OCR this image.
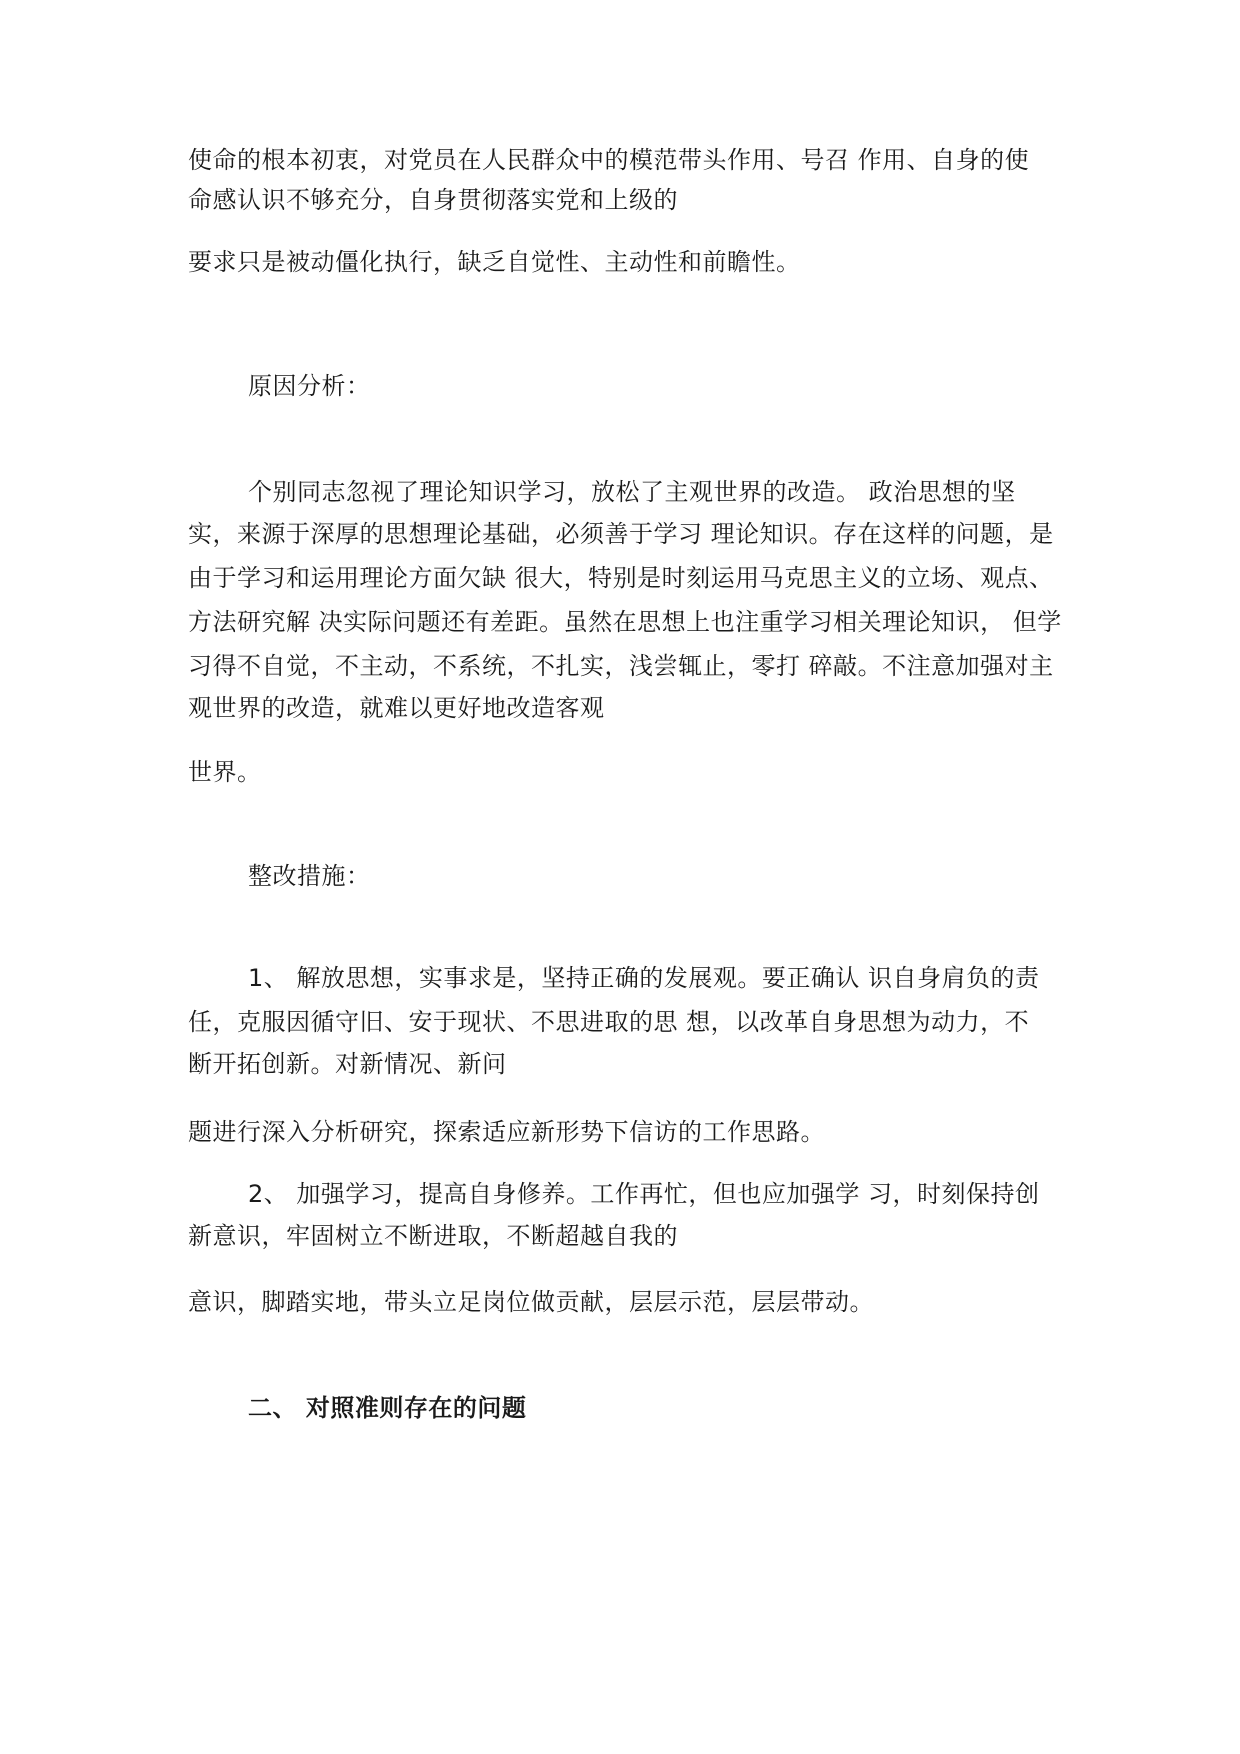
使命的根本初衷，对党员在人民群众中的模范带头作用、号召 作用、自身的使
命感认识不够充分，自身贯彻落实党和上级的
要求只是被动僵化执行，缺乏自觉性、主动性和前瞻性。
原因分析：
个别同志忽视了理论知识学习，放松了主观世界的改造。 政治思想的坚
实，来源于深厚的思想理论基础，必须善于学习 理论知识。存在这样的问题，是
由于学习和运用理论方面欠缺 很大，特别是时刻运用马克思主义的立场、观点、
方法研究解 决实际问题还有差距。虽然在思想上也注重学习相关理论知识， 但学
习得不自觉，不主动，不系统，不扎实，浅尝辄止，零打 碎敲。不注意加强对主
观世界的改造，就难以更好地改造客观
世界。
整改措施：
1、 解放思想，实事求是，坚持正确的发展观。要正确认 识自身肩负的责
任，克服因循守旧、安于现状、不思进取的思 想，以改革自身思想为动力，不
断开拓创新。对新情况、新问
题进行深入分析研究，探索适应新形势下信访的工作思路。
2、 加强学习，提高自身修养。工作再忙，但也应加强学 习，时刻保持创
新意识，牢固树立不断进取，不断超越自我的
意识，脚踏实地，带头立足岗位做贡献，层层示范，层层带动。
二、 对照准则存在的问题
